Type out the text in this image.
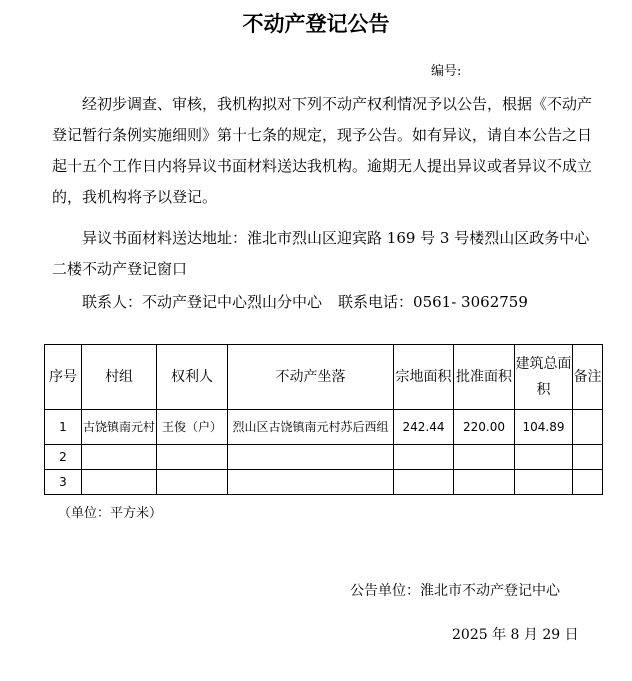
不动产登记公告
编号:

经初步调查、审核，我机构拟对下列不动产权利情况予以公告，根据《不动产登记暂行条例实施细则》第十七条的规定，现予公告。如有异议，请自本公告之日起十五个工作日内将异议书面材料送达我机构。逾期无人提出异议或者异议不成立的，我机构将予以登记。

异议书面材料送达地址：淮北市烈山区迎宾路 169 号 3 号楼烈山区政务中心二楼不动产登记窗口

联系人：不动产登记中心烈山分中心 联系电话：0561- 3062759

序号	村组	权利人	不动产坐落	宗地面积	批准面积	建筑总面积	备注
1	古饶镇南元村	王俊（户）	烈山区古饶镇南元村苏后西组	242.44	220.00	104.89	
2							
3							
（单位：平方米）
公告单位：淮北市不动产登记中心
2025 年 8 月 29 日
